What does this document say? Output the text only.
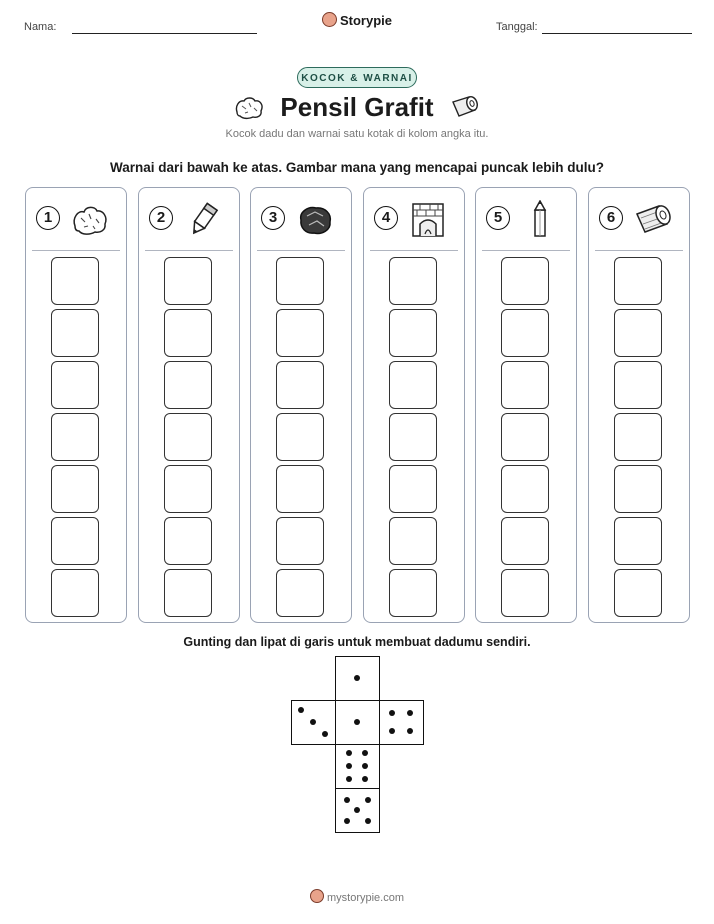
Nama:	Storypie	Tanggal:
KOCOK & WARNAI
Pensil Grafit
Kocok dadu dan warnai satu kotak di kolom angka itu.
Warnai dari bawah ke atas. Gambar mana yang mencapai puncak lebih dulu?
1	2	3	4	5	6
Gunting dan lipat di garis untuk membuat dadumu sendiri.
mystorypie.com
